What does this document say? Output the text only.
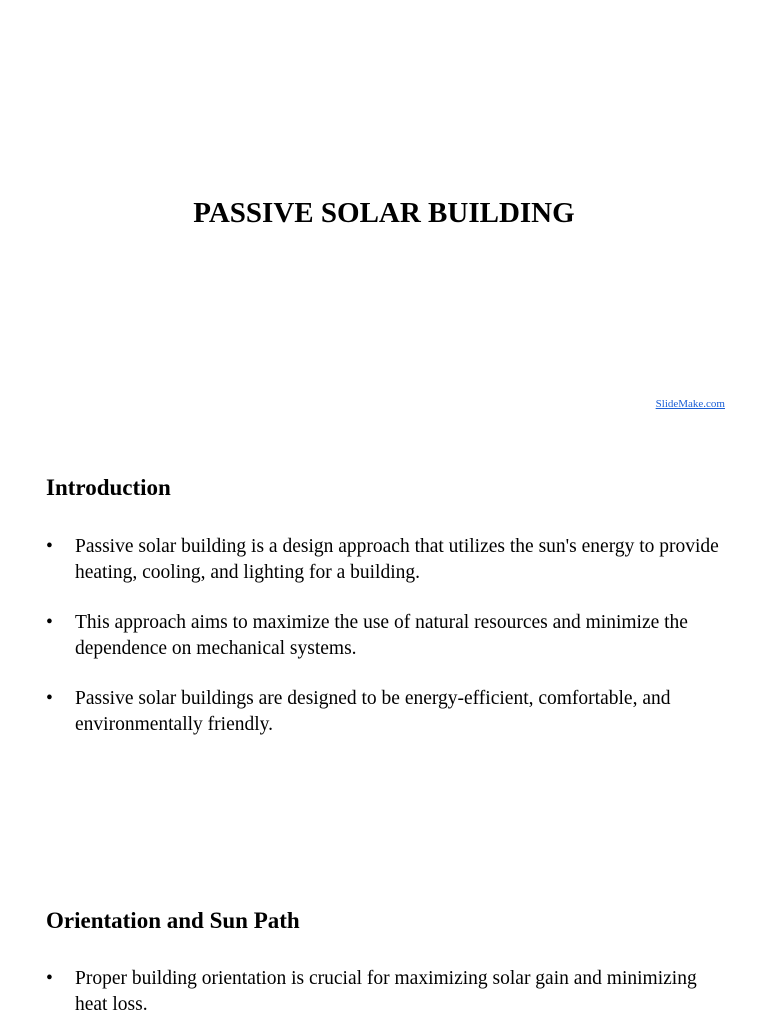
PASSIVE SOLAR BUILDING
SlideMake.com
Introduction
• Passive solar building is a design approach that utilizes the sun's energy to provide heating, cooling, and lighting for a building.
• This approach aims to maximize the use of natural resources and minimize the dependence on mechanical systems.
• Passive solar buildings are designed to be energy-efficient, comfortable, and environmentally friendly.
Orientation and Sun Path
• Proper building orientation is crucial for maximizing solar gain and minimizing heat loss.
